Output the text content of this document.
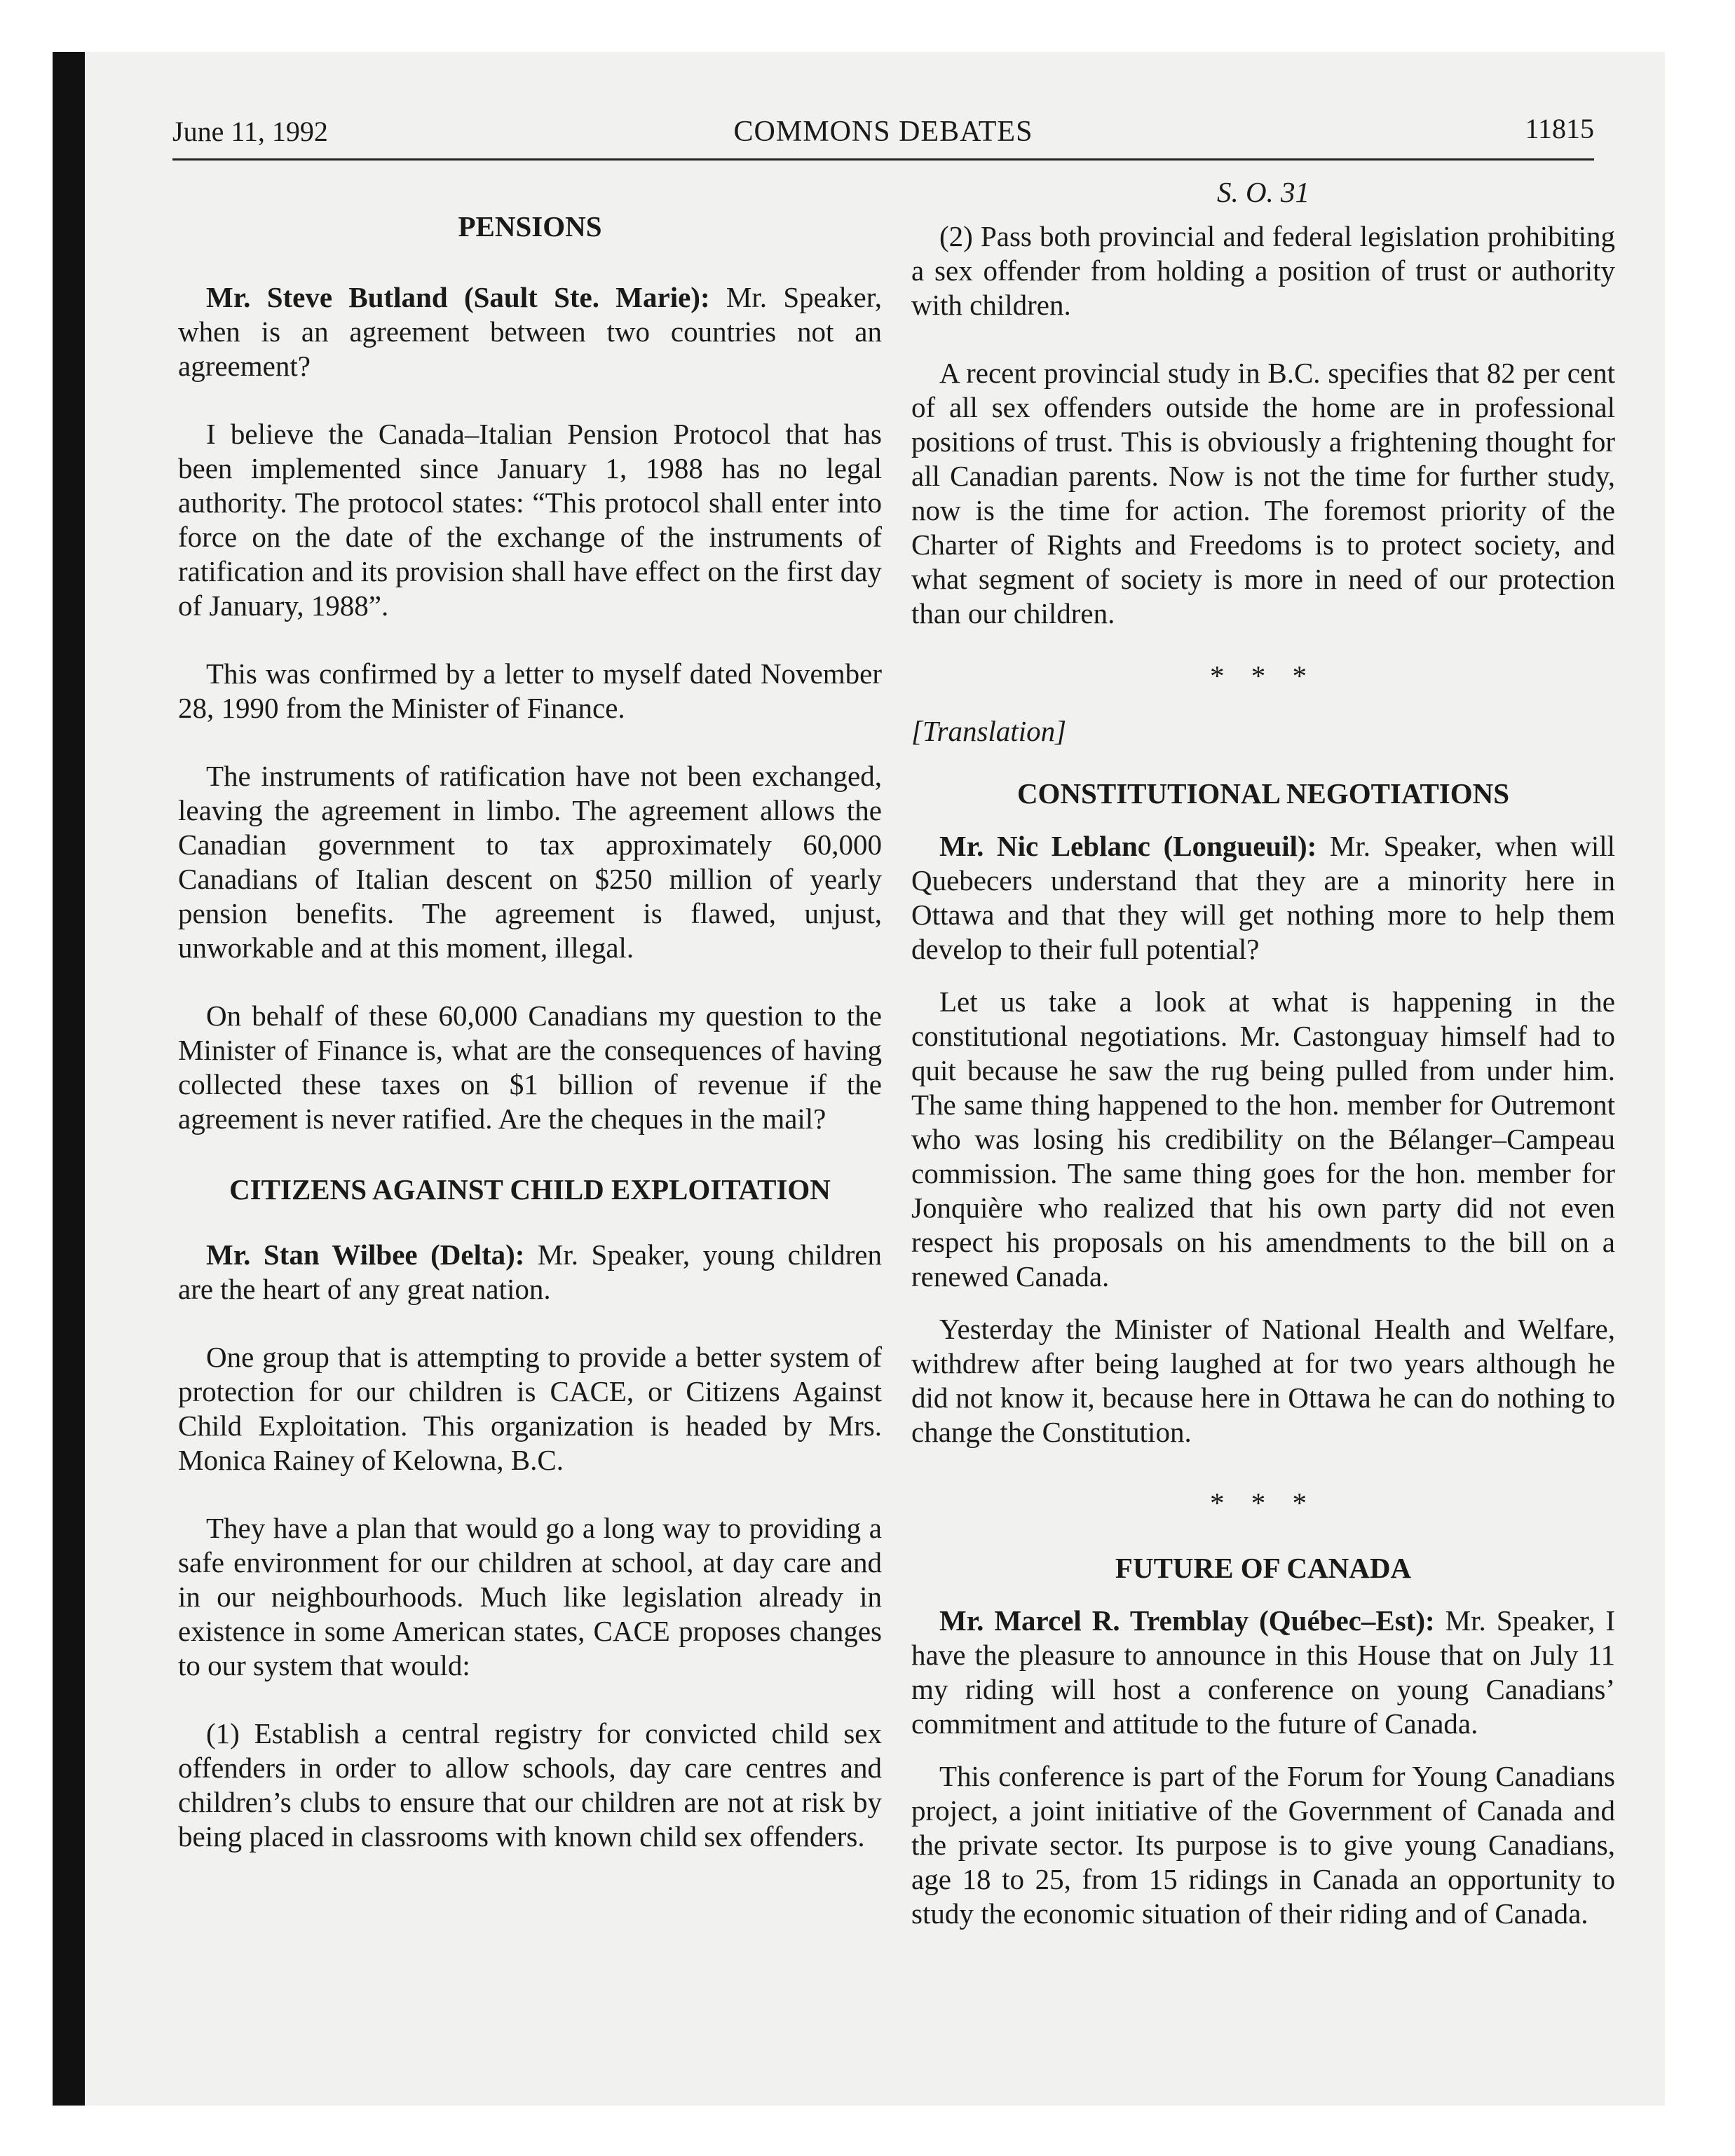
June 11, 1992	COMMONS DEBATES	11815

PENSIONS

Mr. Steve Butland (Sault Ste. Marie): Mr. Speaker, when is an agreement between two countries not an agreement?

I believe the Canada–Italian Pension Protocol that has been implemented since January 1, 1988 has no legal authority. The protocol states: “This protocol shall enter into force on the date of the exchange of the instruments of ratification and its provision shall have effect on the first day of January, 1988”.

This was confirmed by a letter to myself dated November 28, 1990 from the Minister of Finance.

The instruments of ratification have not been exchanged, leaving the agreement in limbo. The agreement allows the Canadian government to tax approximately 60,000 Canadians of Italian descent on $250 million of yearly pension benefits. The agreement is flawed, unjust, unworkable and at this moment, illegal.

On behalf of these 60,000 Canadians my question to the Minister of Finance is, what are the consequences of having collected these taxes on $1 billion of revenue if the agreement is never ratified. Are the cheques in the mail?

CITIZENS AGAINST CHILD EXPLOITATION

Mr. Stan Wilbee (Delta): Mr. Speaker, young children are the heart of any great nation.

One group that is attempting to provide a better system of protection for our children is CACE, or Citizens Against Child Exploitation. This organization is headed by Mrs. Monica Rainey of Kelowna, B.C.

They have a plan that would go a long way to providing a safe environment for our children at school, at day care and in our neighbourhoods. Much like legislation already in existence in some American states, CACE proposes changes to our system that would:

(1) Establish a central registry for convicted child sex offenders in order to allow schools, day care centres and children’s clubs to ensure that our children are not at risk by being placed in classrooms with known child sex offenders.

S. O. 31

(2) Pass both provincial and federal legislation prohibiting a sex offender from holding a position of trust or authority with children.

A recent provincial study in B.C. specifies that 82 per cent of all sex offenders outside the home are in professional positions of trust. This is obviously a frightening thought for all Canadian parents. Now is not the time for further study, now is the time for action. The foremost priority of the Charter of Rights and Freedoms is to protect society, and what segment of society is more in need of our protection than our children.

* * *

[Translation]

CONSTITUTIONAL NEGOTIATIONS

Mr. Nic Leblanc (Longueuil): Mr. Speaker, when will Quebecers understand that they are a minority here in Ottawa and that they will get nothing more to help them develop to their full potential?

Let us take a look at what is happening in the constitutional negotiations. Mr. Castonguay himself had to quit because he saw the rug being pulled from under him. The same thing happened to the hon. member for Outremont who was losing his credibility on the Bélanger–Campeau commission. The same thing goes for the hon. member for Jonquière who realized that his own party did not even respect his proposals on his amendments to the bill on a renewed Canada.

Yesterday the Minister of National Health and Welfare, withdrew after being laughed at for two years although he did not know it, because here in Ottawa he can do nothing to change the Constitution.

* * *

FUTURE OF CANADA

Mr. Marcel R. Tremblay (Québec–Est): Mr. Speaker, I have the pleasure to announce in this House that on July 11 my riding will host a conference on young Canadians’ commitment and attitude to the future of Canada.

This conference is part of the Forum for Young Canadians project, a joint initiative of the Government of Canada and the private sector. Its purpose is to give young Canadians, age 18 to 25, from 15 ridings in Canada an opportunity to study the economic situation of their riding and of Canada.
